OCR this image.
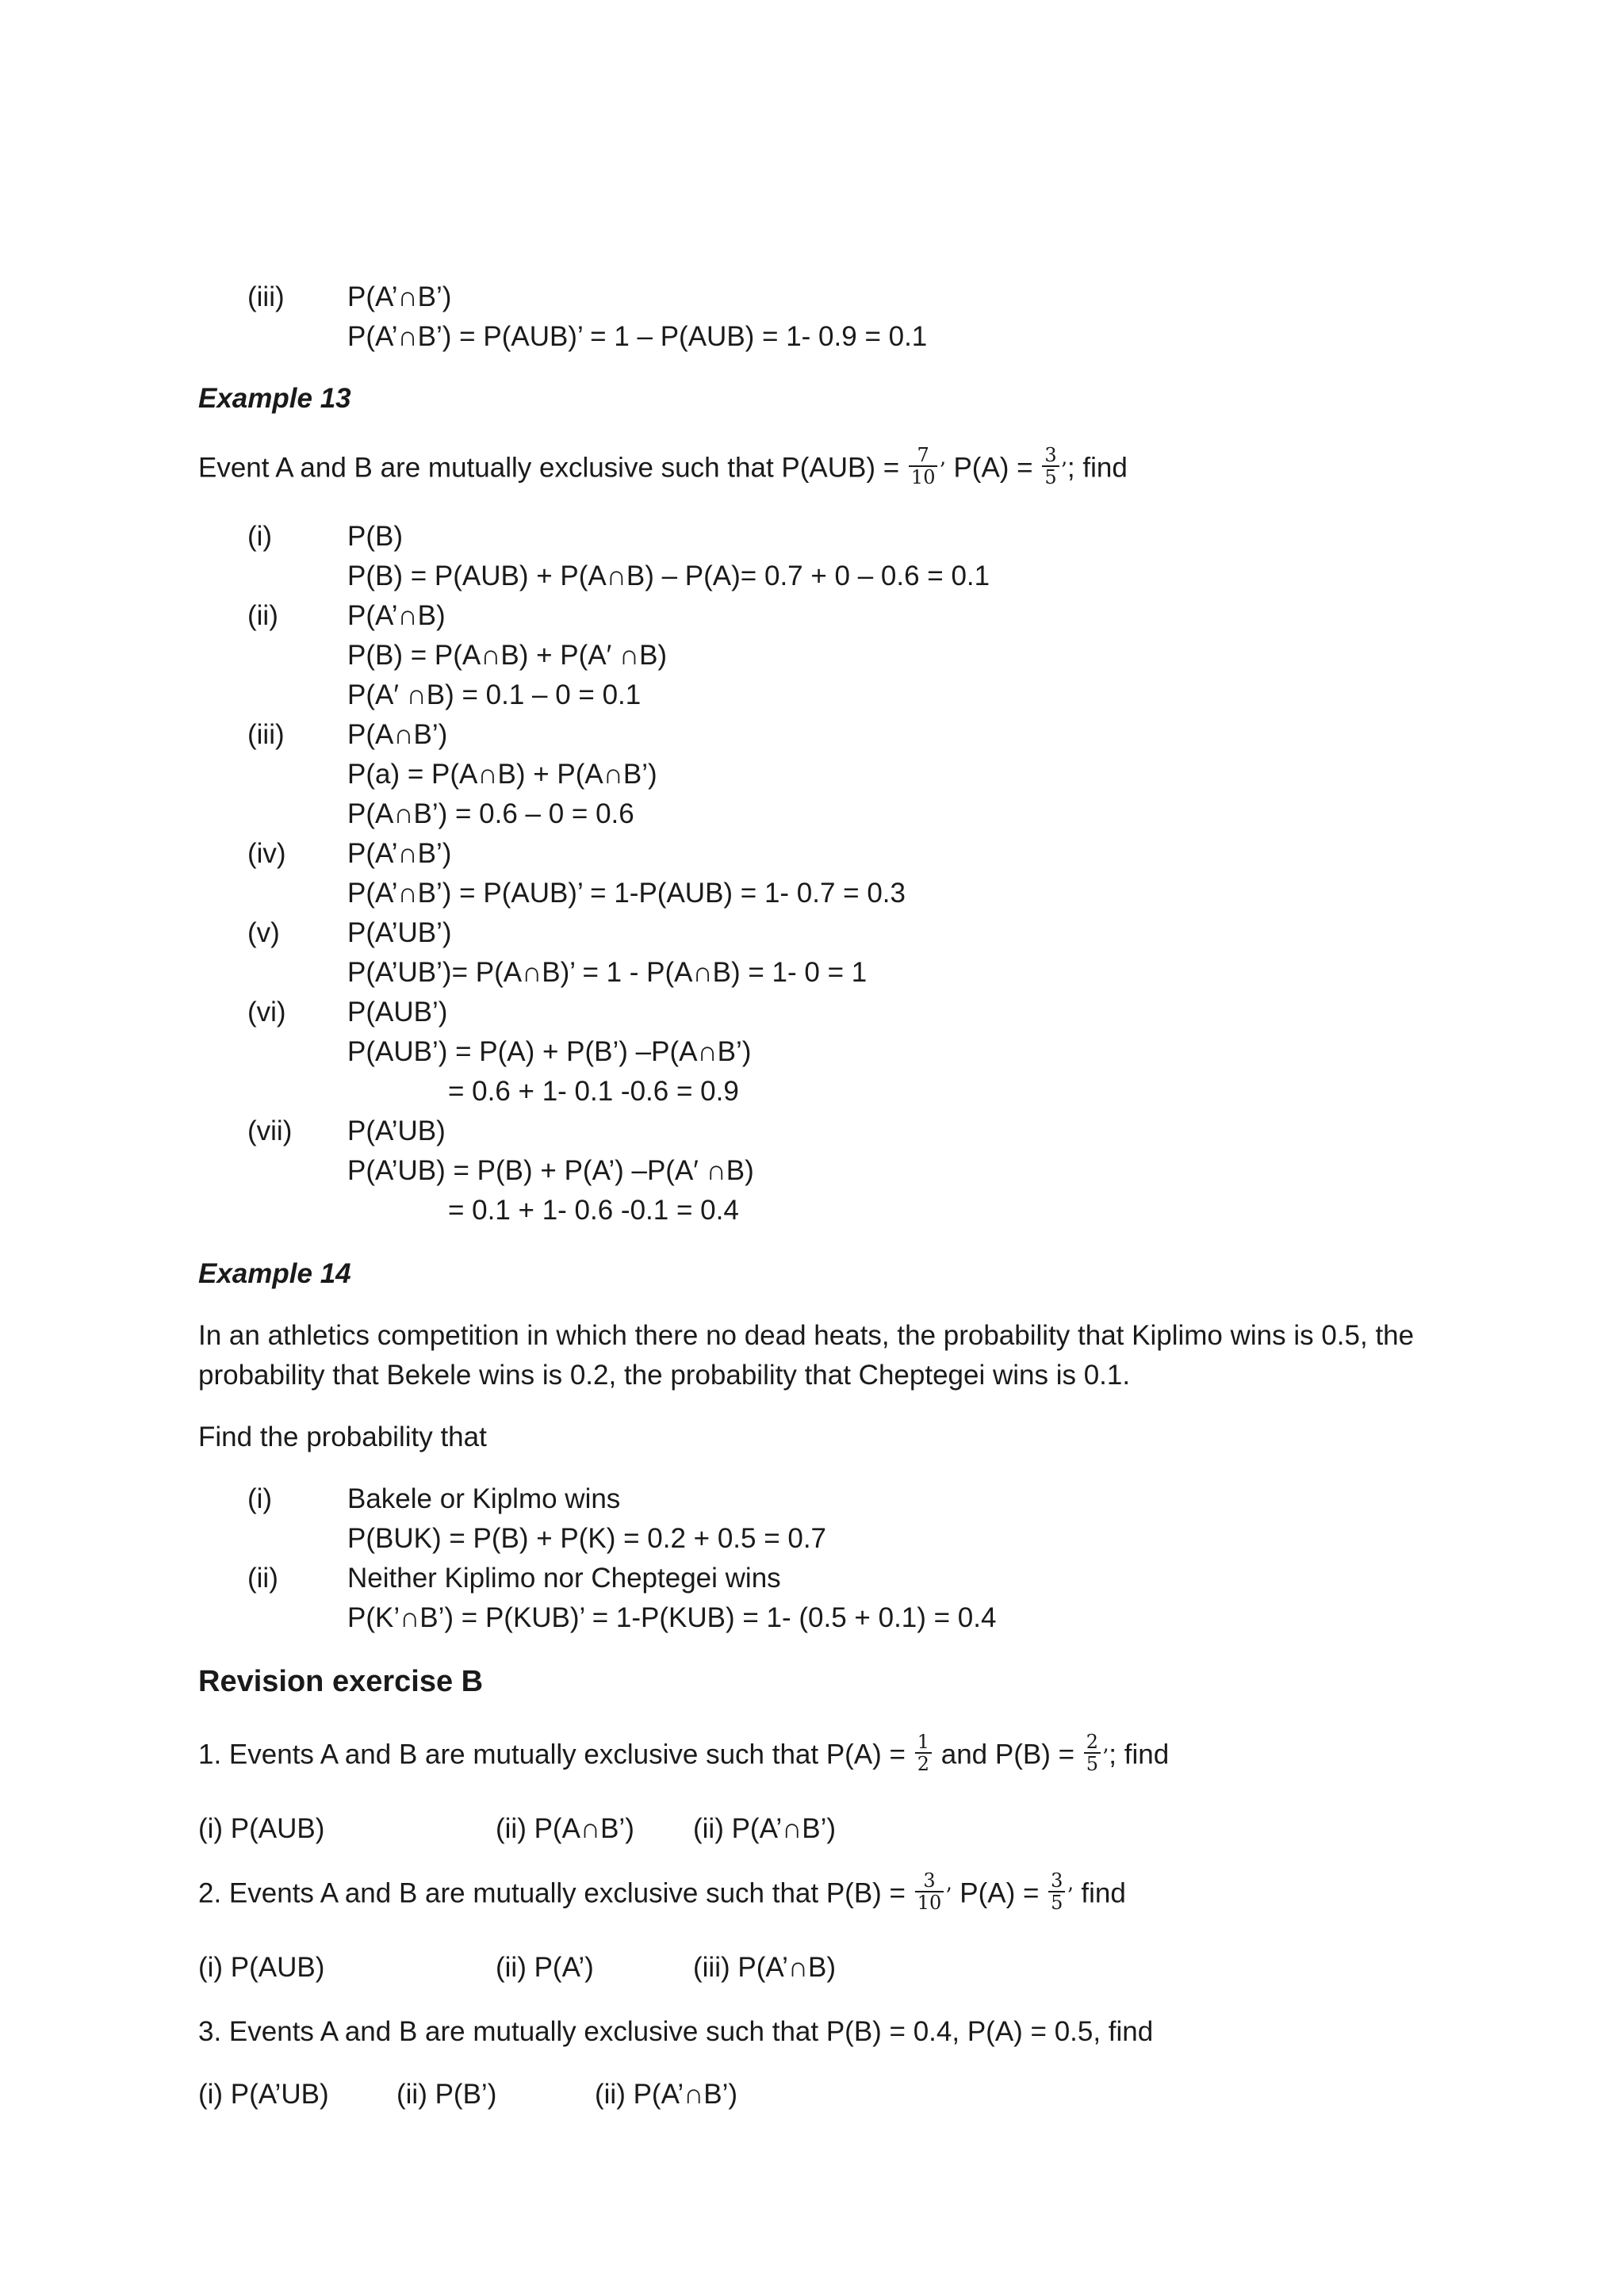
(iii) P(A’∩B’)
P(A’∩B’) = P(AUB)’ = 1 – P(AUB) = 1- 0.9 = 0.1
Example 13
Event A and B are mutually exclusive such that $P(AUB) = \frac{7}{10}$ ’ $P(A) = \frac{3}{5}$ ’; find
(i)	P(B)
P(B) = P(AUB) + P(A∩B) – P(A)= 0.7 + 0 – 0.6 = 0.1
(ii) P(A’∩B)
P(B) = P(A∩B) + P(A′ ∩B)
P(A′ ∩B) = 0.1 – 0 = 0.1
(iii) P(A∩B’)
P(a) = P(A∩B) + P(A∩B’)
P(A∩B’) = 0.6 – 0 = 0.6
(iv) P(A’∩B’)
P(A’∩B’) = P(AUB)’ = 1-P(AUB) = 1- 0.7 = 0.3
(v) P(A’UB’)
P(A’UB’)= P(A∩B)’ = 1 - P(A∩B) = 1- 0 = 1
(vi) P(AUB’)
P(AUB’) = P(A) + P(B’) –P(A∩B’)
= 0.6 + 1- 0.1 -0.6 = 0.9
(vii) P(A’UB)
P(A’UB) = P(B) + P(A’) –P(A′ ∩B)
= 0.1 + 1- 0.6 -0.1 = 0.4
Example 14
In an athletics competition in which there no dead heats, the probability that Kiplimo wins is 0.5, the
probability that Bekele wins is 0.2, the probability that Cheptegei wins is 0.1.
Find the probability that
(i)	Bakele or Kiplmo wins
P(BUK) = P(B) + P(K) = 0.2 + 0.5 = 0.7
(ii) Neither Kiplimo nor Cheptegei wins
P(K’∩B’) = P(KUB)’ = 1-P(KUB) = 1- (0.5 + 0.1) = 0.4
Revision exercise B
1. Events A and B are mutually exclusive such that $P(A) = \frac{1}{2}$ and $P(B) = \frac{2}{5}$ ’; find
(i) P(AUB)	(ii) P(A∩B’) (ii) P(A’∩B’)
2. Events A and B are mutually exclusive such that $P(B) = \frac{3}{10}$ ’ $P(A) = \frac{3}{5}$ ’ find
(i) P(AUB)	(ii) P(A’)	(iii) P(A’∩B)
3. Events A and B are mutually exclusive such that P(B) = 0.4, P(A) = 0.5, find
(i) P(A’UB) (ii) P(B’)	(ii) P(A’∩B’)
